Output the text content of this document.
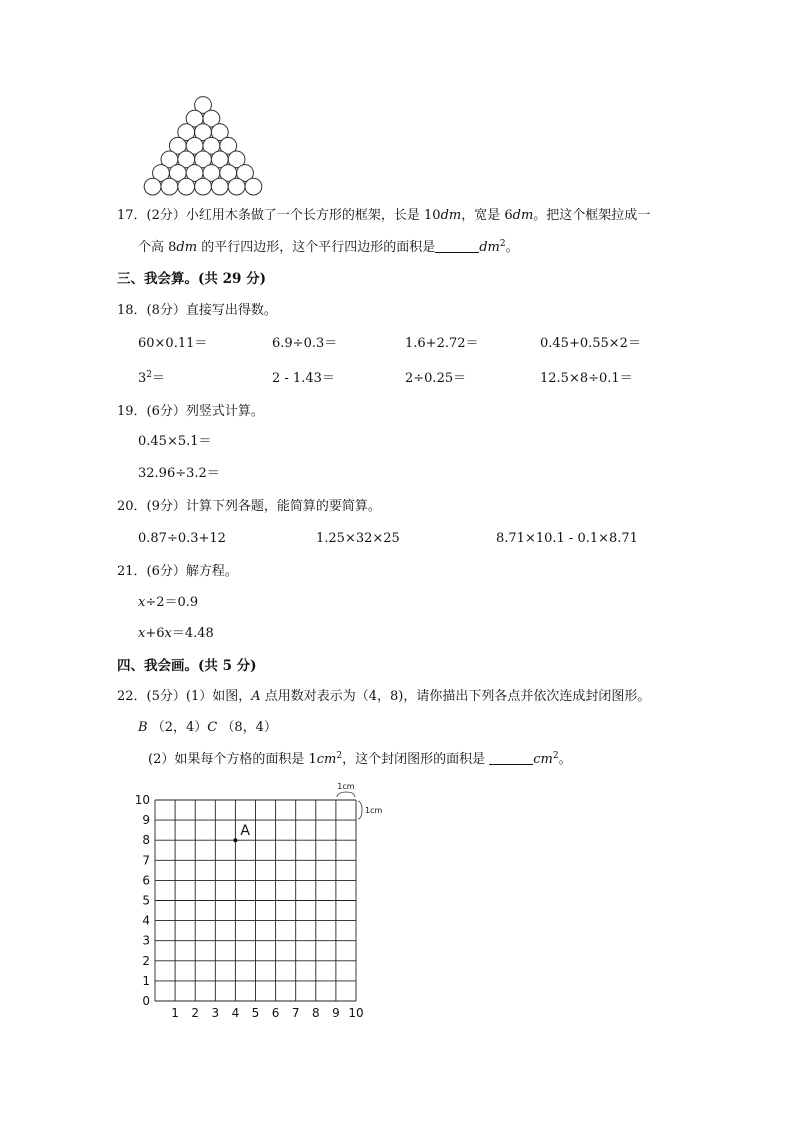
17．(2分）小红用木条做了一个长方形的框架，长是 10dm，宽是 6dm。把这个框架拉成一
个高 8dm 的平行四边形，这个平行四边形的面积是	$dm^2$。
三、我会算。(共 29 分)
18．(8分）直接写出得数。
60×0.11＝	6.9÷0.3＝	1.6+2.72＝	0.45+0.55×2＝
$3^2=$	2 - 1.43＝	2÷0.25＝	12.5×8÷0.1＝
19．(6分）列竖式计算。
0.45×5.1＝
32.96÷3.2＝
20．(9分）计算下列各题，能简算的要简算。
0.87÷0.3+12	1.25×32×25	8.71×10.1 - 0.1×8.71
21．(6分）解方程。
x÷2＝0.9
x+6x＝4.48
四、我会画。(共 5 分)
22．(5分）(1）如图，A 点用数对表示为（4，8)，请你描出下列各点并依次连成封闭图形。
B （2，4）C （8，4）
(2）如果每个方格的面积是 $1cm^2$，这个封闭图形的面积是	$cm^2$。
1 2 3 4 5 6 7 8 9 10
0
1
2
3
4
5
6
7
8
9
10
A
1cm
1cm
